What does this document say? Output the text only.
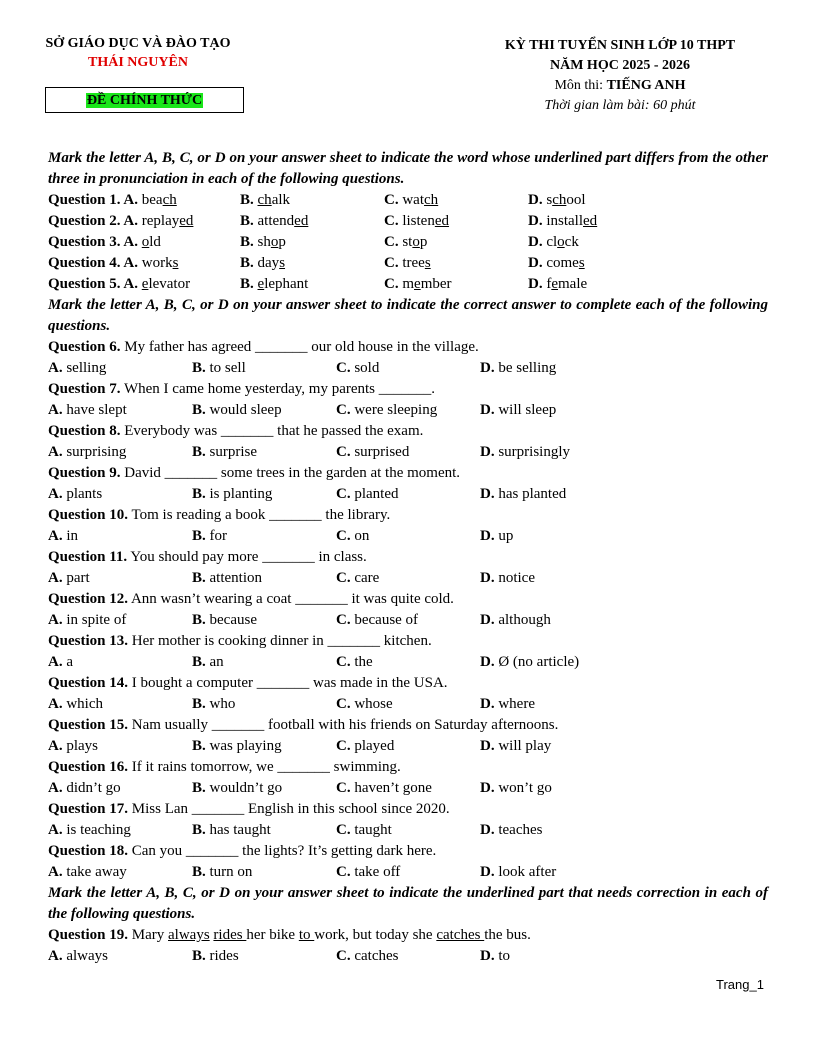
SỞ GIÁO DỤC VÀ ĐÀO TẠO
THÁI NGUYÊN
ĐỀ CHÍNH THỨC
KỲ THI TUYỂN SINH LỚP 10 THPT
NĂM HỌC 2025 - 2026
Môn thi: TIẾNG ANH
Thời gian làm bài: 60 phút
Mark the letter A, B, C, or D on your answer sheet to indicate the word whose underlined part differs from the other three in pronunciation in each of the following questions.
Question 1. A. beach	B. chalk	C. watch	D. school
Question 2. A. replayed	B. attended	C. listened	D. installed
Question 3. A. old	B. shop	C. stop	D. clock
Question 4. A. works	B. days	C. trees	D. comes
Question 5. A. elevator	B. elephant	C. member	D. female
Mark the letter A, B, C, or D on your answer sheet to indicate the correct answer to complete each of the following questions.
Question 6. My father has agreed _______ our old house in the village.
A. selling	B. to sell	C. sold	D. be selling
Question 7. When I came home yesterday, my parents _______.
A. have slept	B. would sleep	C. were sleeping	D. will sleep
Question 8. Everybody was _______ that he passed the exam.
A. surprising	B. surprise	C. surprised	D. surprisingly
Question 9. David _______ some trees in the garden at the moment.
A. plants	B. is planting	C. planted	D. has planted
Question 10. Tom is reading a book _______ the library.
A. in	B. for	C. on	D. up
Question 11. You should pay more _______ in class.
A. part	B. attention	C. care	D. notice
Question 12. Ann wasn’t wearing a coat _______ it was quite cold.
A. in spite of	B. because	C. because of	D. although
Question 13. Her mother is cooking dinner in _______ kitchen.
A. a	B. an	C. the	D. Ø (no article)
Question 14. I bought a computer _______ was made in the USA.
A. which	B. who	C. whose	D. where
Question 15. Nam usually _______ football with his friends on Saturday afternoons.
A. plays	B. was playing	C. played	D. will play
Question 16. If it rains tomorrow, we _______ swimming.
A. didn’t go	B. wouldn’t go	C. haven’t gone	D. won’t go
Question 17. Miss Lan _______ English in this school since 2020.
A. is teaching	B. has taught	C. taught	D. teaches
Question 18. Can you _______ the lights? It’s getting dark here.
A. take away	B. turn on	C. take off	D. look after
Mark the letter A, B, C, or D on your answer sheet to indicate the underlined part that needs correction in each of the following questions.
Question 19. Mary always rides her bike to work, but today she catches the bus.
A. always	B. rides	C. catches	D. to
Trang_1
